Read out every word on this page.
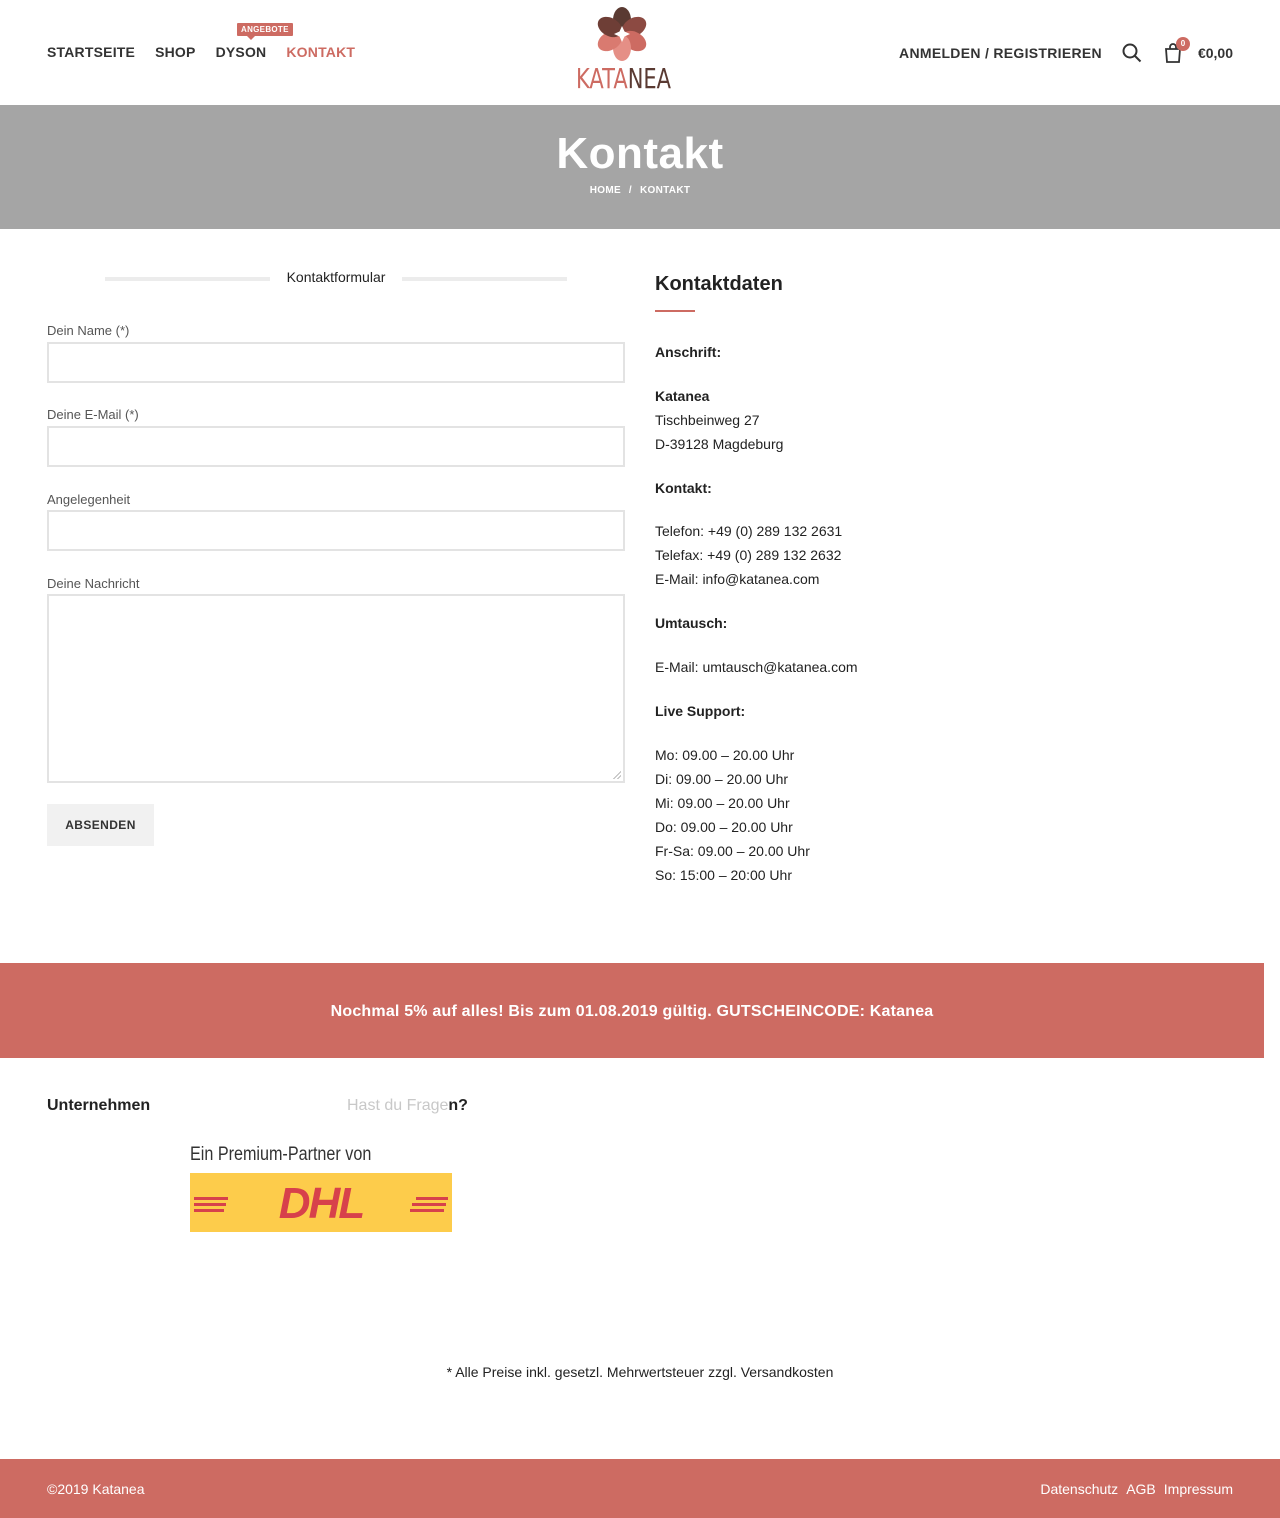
STARTSEITE SHOP DYSON KONTAKT
ANGEBOTE
KATANEA
ANMELDEN / REGISTRIEREN
0
€0,00
Kontakt
HOME / KONTAKT
Kontaktformular
Dein Name (*)
Deine E-Mail (*)
Angelegenheit
Deine Nachricht
ABSENDEN
Kontaktdaten
Anschrift:
Katanea
Tischbeinweg 27
D-39128 Magdeburg
Kontakt:
Telefon: +49 (0) 289 132 2631
Telefax: +49 (0) 289 132 2632
E-Mail: info@katanea.com
Umtausch:
E-Mail: umtausch@katanea.com
Live Support:
Mo: 09.00 – 20.00 Uhr
Di: 09.00 – 20.00 Uhr
Mi: 09.00 – 20.00 Uhr
Do: 09.00 – 20.00 Uhr
Fr-Sa: 09.00 – 20.00 Uhr
So: 15:00 – 20:00 Uhr

Nochmal 5% auf alles! Bis zum 01.08.2019 gültig. GUTSCHEINCODE: Katanea

Unternehmen	Hast du Fragen?
Ein Premium-Partner von
DHL
* Alle Preise inkl. gesetzl. Mehrwertsteuer zzgl. Versandkosten
©2019 Katanea	Datenschutz AGB Impressum
